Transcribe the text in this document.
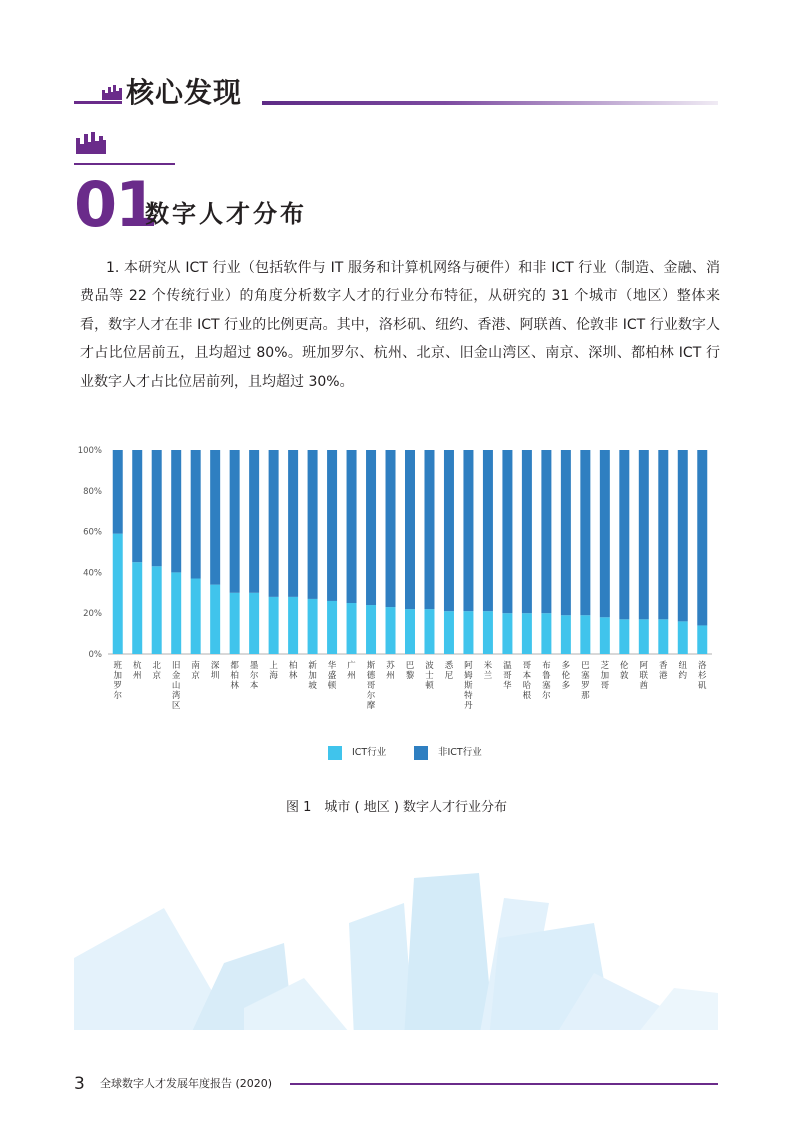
核心发现
01
数字人才分布

1. 本研究从 ICT 行业（包括软件与 IT 服务和计算机网络与硬件）和非 ICT 行业（制造、金融、消费品等 22 个传统行业）的角度分析数字人才的行业分布特征，从研究的 31 个城市（地区）整体来看，数字人才在非 ICT 行业的比例更高。其中，洛杉矶、纽约、香港、阿联酋、伦敦非 ICT 行业数字人才占比位居前五，且均超过 80%。班加罗尔、杭州、北京、旧金山湾区、南京、深圳、都柏林 ICT 行业数字人才占比位居前列，且均超过 30%。

0%
20%
40%
60%
80%
100%
班加罗尔
杭州
北京
旧金山湾区
南京
深圳
都柏林
墨尔本
上海
柏林
新加坡
华盛顿
广州
斯德哥尔摩
苏州
巴黎
波士顿
悉尼
阿姆斯特丹
米兰
温哥华
哥本哈根
布鲁塞尔
多伦多
巴塞罗那
芝加哥
伦敦
阿联酋
香港
纽约
洛杉矶
ICT行业	非ICT行业
图 1　城市 ( 地区 ) 数字人才行业分布
3 全球数字人才发展年度报告 (2020)
